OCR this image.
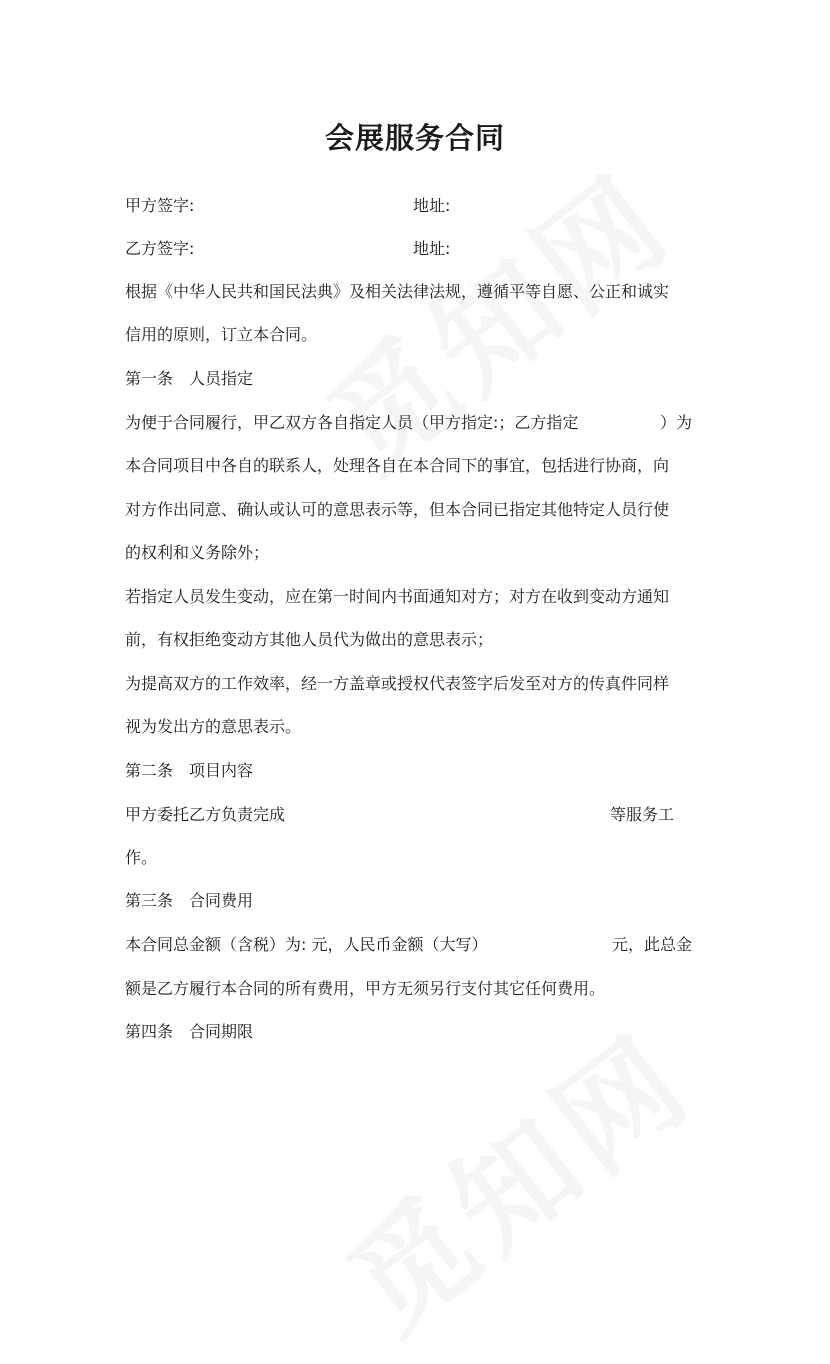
会展服务合同
甲方签字:	地址:
乙方签字:	地址:
根据《中华人民共和国民法典》及相关法律法规，遵循平等自愿、公正和诚实
信用的原则，订立本合同。
第一条　人员指定
为便于合同履行，甲乙双方各自指定人员（甲方指定:；乙方指定	）为
本合同项目中各自的联系人，处理各自在本合同下的事宜，包括进行协商，向
对方作出同意、确认或认可的意思表示等，但本合同已指定其他特定人员行使
的权利和义务除外；
若指定人员发生变动，应在第一时间内书面通知对方；对方在收到变动方通知
前，有权拒绝变动方其他人员代为做出的意思表示；
为提高双方的工作效率，经一方盖章或授权代表签字后发至对方的传真件同样
视为发出方的意思表示。
第二条　项目内容
甲方委托乙方负责完成	等服务工
作。
第三条　合同费用
本合同总金额（含税）为: 元，人民币金额（大写）	元，此总金
额是乙方履行本合同的所有费用，甲方无须另行支付其它任何费用。
第四条　合同期限
